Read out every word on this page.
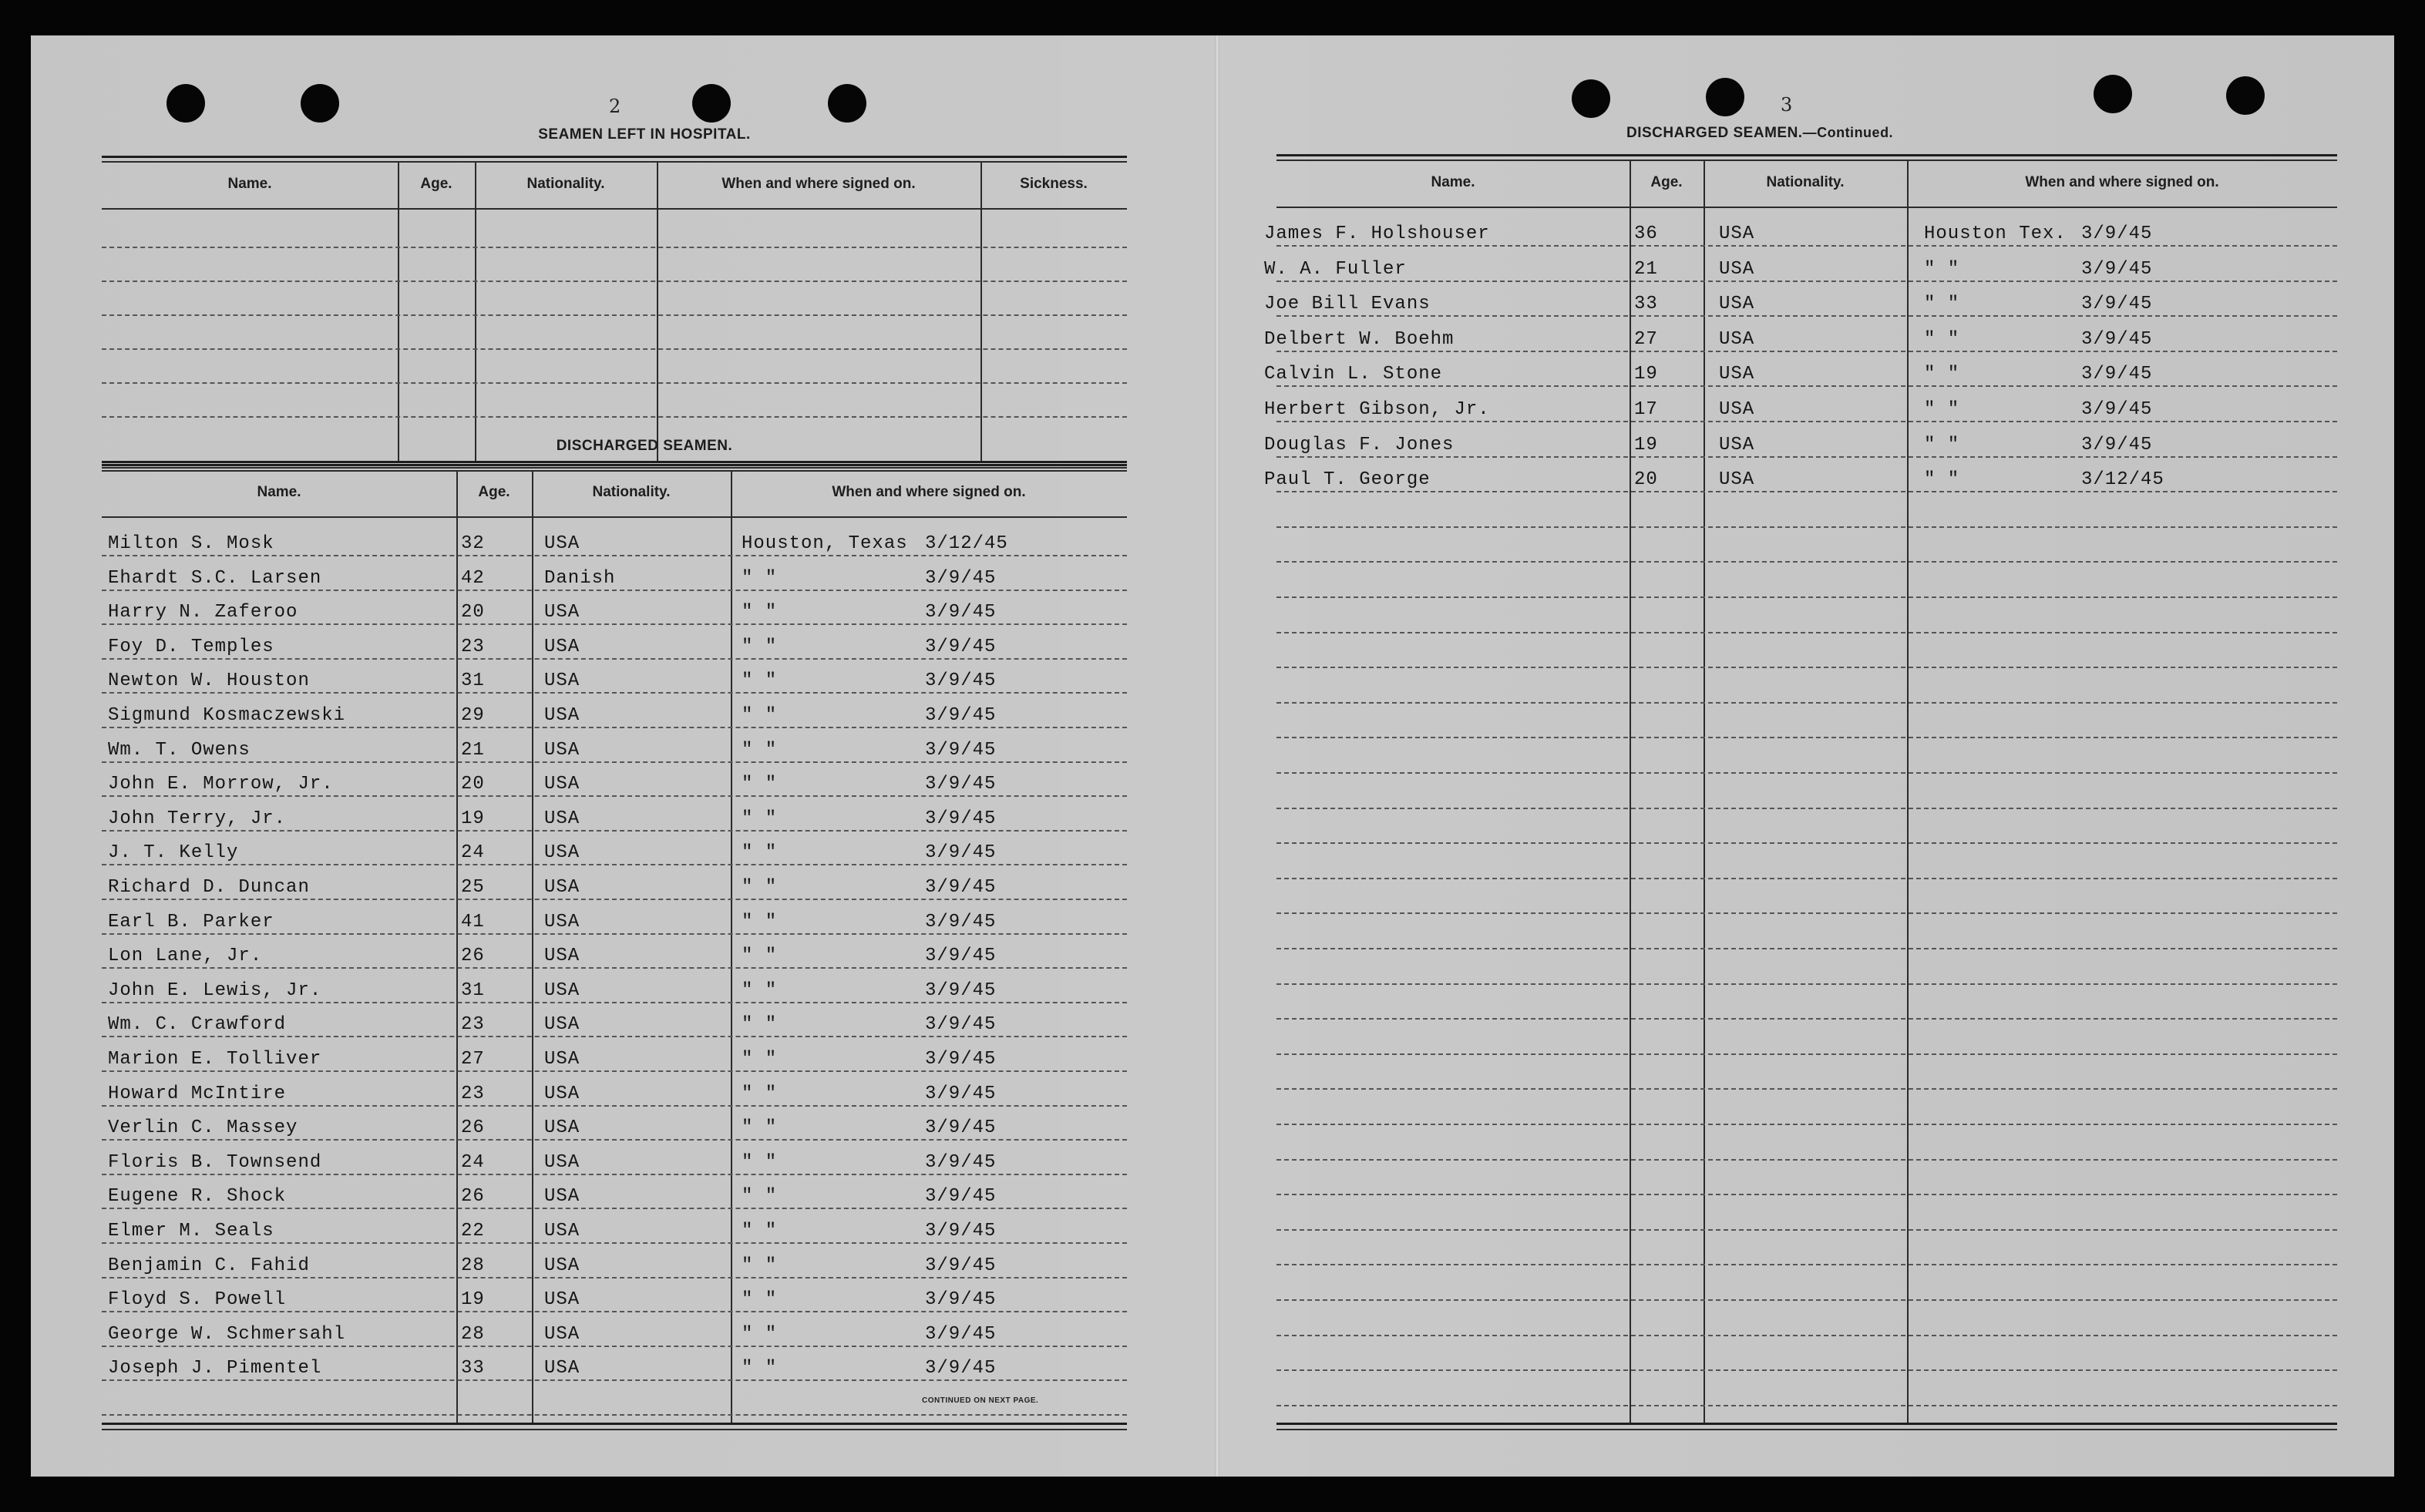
2
SEAMEN LEFT IN HOSPITAL.
Name.	Age.	Nationality.	When and where signed on.	Sickness.
DISCHARGED SEAMEN.
Name.	Age.	Nationality.	When and where signed on.
Milton S. Mosk	32	USA	Houston, Texas 3/12/45
Ehardt S.C. Larsen	42	Danish	" "	3/9/45
Harry N. Zaferoo	20	USA	" "	3/9/45
Foy D. Temples	23	USA	" "	3/9/45
Newton W. Houston	31	USA	" "	3/9/45
Sigmund Kosmaczewski	29	USA	" "	3/9/45
Wm. T. Owens	21	USA	" "	3/9/45
John E. Morrow, Jr.	20	USA	" "	3/9/45
John Terry, Jr.	19	USA	" "	3/9/45
J. T. Kelly	24	USA	" "	3/9/45
Richard D. Duncan	25	USA	" "	3/9/45
Earl B. Parker	41	USA	" "	3/9/45
Lon Lane, Jr.	26	USA	" "	3/9/45
John E. Lewis, Jr.	31	USA	" "	3/9/45
Wm. C. Crawford	23	USA	" "	3/9/45
Marion E. Tolliver	27	USA	" "	3/9/45
Howard McIntire	23	USA	" "	3/9/45
Verlin C. Massey	26	USA	" "	3/9/45
Floris B. Townsend	24	USA	" "	3/9/45
Eugene R. Shock	26	USA	" "	3/9/45
Elmer M. Seals	22	USA	" "	3/9/45
Benjamin C. Fahid	28	USA	" "	3/9/45
Floyd S. Powell	19	USA	" "	3/9/45
George W. Schmersahl	28	USA	" "	3/9/45
Joseph J. Pimentel	33	USA	" "	3/9/45
CONTINUED ON NEXT PAGE.
3
DISCHARGED SEAMEN.—Continued.
Name.	Age.	Nationality.	When and where signed on.
James F. Holshouser	36	USA	Houston Tex. 3/9/45
W. A. Fuller	21	USA	" "	3/9/45
Joe Bill Evans	33	USA	" "	3/9/45
Delbert W. Boehm	27	USA	" "	3/9/45
Calvin L. Stone	19	USA	" "	3/9/45
Herbert Gibson, Jr.	17	USA	" "	3/9/45
Douglas F. Jones	19	USA	" "	3/9/45
Paul T. George	20	USA	" "	3/12/45
